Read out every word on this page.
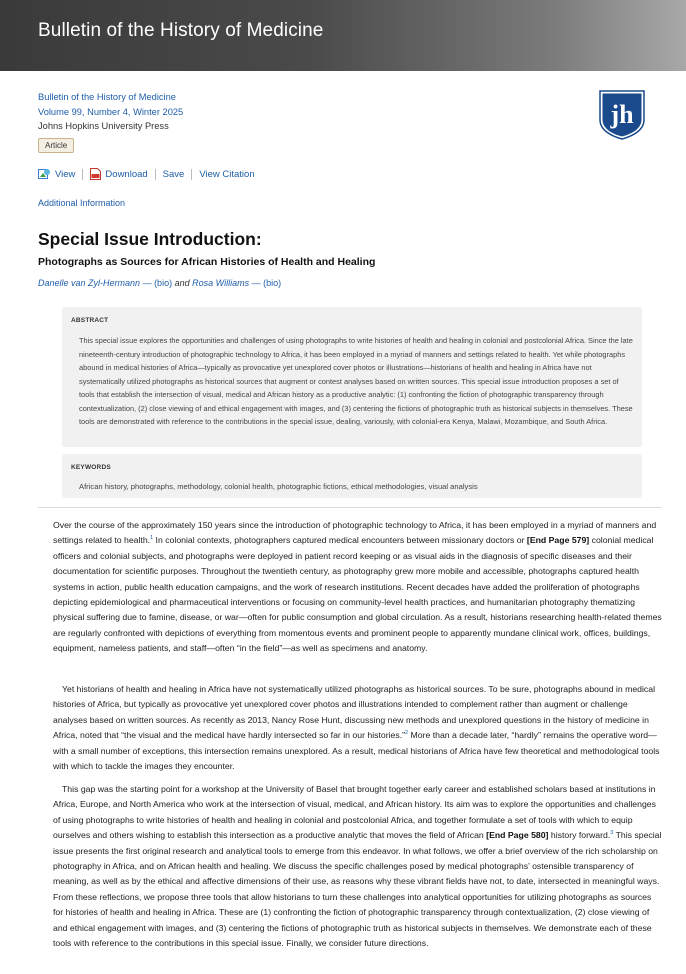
Bulletin of the History of Medicine
Bulletin of the History of Medicine
Volume 99, Number 4, Winter 2025
Johns Hopkins University Press
Article
jh
View	Download Save View Citation
Additional Information
Special Issue Introduction:
Photographs as Sources for African Histories of Health and Healing
Danelle van Zyl-Hermann — (bio) and Rosa Williams — (bio)
ABSTRACT
This special issue explores the opportunities and challenges of using photographs to write histories of health and healing in colonial and postcolonial Africa. Since the late nineteenth-century introduction of photographic technology to Africa, it has been employed in a myriad of manners and settings related to health. Yet while photographs abound in medical histories of Africa—typically as provocative yet unexplored cover photos or illustrations—historians of health and healing in Africa have not systematically utilized photographs as historical sources that augment or contest analyses based on written sources. This special issue introduction proposes a set of tools that establish the intersection of visual, medical and African history as a productive analytic: (1) confronting the fiction of photographic transparency through contextualization, (2) close viewing of and ethical engagement with images, and (3) centering the fictions of photographic truth as historical subjects in themselves. These tools are demonstrated with reference to the contributions in the special issue, dealing, variously, with colonial-era Kenya, Malawi, Mozambique, and South Africa.
KEYWORDS
African history, photographs, methodology, colonial health, photographic fictions, ethical methodologies, visual analysis
Over the course of the approximately 150 years since the introduction of photographic technology to Africa, it has been employed in a myriad of manners and settings related to health.$^1$ In colonial contexts, photographers captured medical encounters between missionary doctors or [End Page 579] colonial medical officers and colonial subjects, and photographs were deployed in patient record keeping or as visual aids in the diagnosis of specific diseases and their documentation for scientific purposes. Throughout the twentieth century, as photography grew more mobile and accessible, photographs captured health systems in action, public health education campaigns, and the work of research institutions. Recent decades have added the proliferation of photographs depicting epidemiological and pharmaceutical interventions or focusing on community-level health practices, and humanitarian photography thematizing physical suffering due to famine, disease, or war—often for public consumption and global circulation. As a result, historians researching health-related themes are regularly confronted with depictions of everything from momentous events and prominent people to apparently mundane clinical work, offices, buildings, equipment, nameless patients, and staff—often “in the field”—as well as specimens and anatomy.
Yet historians of health and healing in Africa have not systematically utilized photographs as historical sources. To be sure, photographs abound in medical histories of Africa, but typically as provocative yet unexplored cover photos and illustrations intended to complement rather than augment or challenge analyses based on written sources. As recently as 2013, Nancy Rose Hunt, discussing new methods and unexplored questions in the history of medicine in Africa, noted that “the visual and the medical have hardly intersected so far in our histories.”$^2$ More than a decade later, “hardly” remains the operative word—with a small number of exceptions, this intersection remains unexplored. As a result, medical historians of Africa have few theoretical and methodological tools with which to tackle the images they encounter.
This gap was the starting point for a workshop at the University of Basel that brought together early career and established scholars based at institutions in Africa, Europe, and North America who work at the intersection of visual, medical, and African history. Its aim was to explore the opportunities and challenges of using photographs to write histories of health and healing in colonial and postcolonial Africa, and together formulate a set of tools with which to equip ourselves and others wishing to establish this intersection as a productive analytic that moves the field of African [End Page 580] history forward.$^3$ This special issue presents the first original research and analytical tools to emerge from this endeavor. In what follows, we offer a brief overview of the rich scholarship on photography in Africa, and on African health and healing. We discuss the specific challenges posed by medical photographs’ ostensible transparency of meaning, as well as by the ethical and affective dimensions of their use, as reasons why these vibrant fields have not, to date, intersected in meaningful ways. From these reflections, we propose three tools that allow historians to turn these challenges into analytical opportunities for utilizing photographs as sources for histories of health and healing in Africa. These are (1) confronting the fiction of photographic transparency through contextualization, (2) close viewing of and ethical engagement with images, and (3) centering the fictions of photographic truth as historical subjects in themselves. We demonstrate each of these tools with reference to the contributions in this special issue. Finally, we consider future directions.
